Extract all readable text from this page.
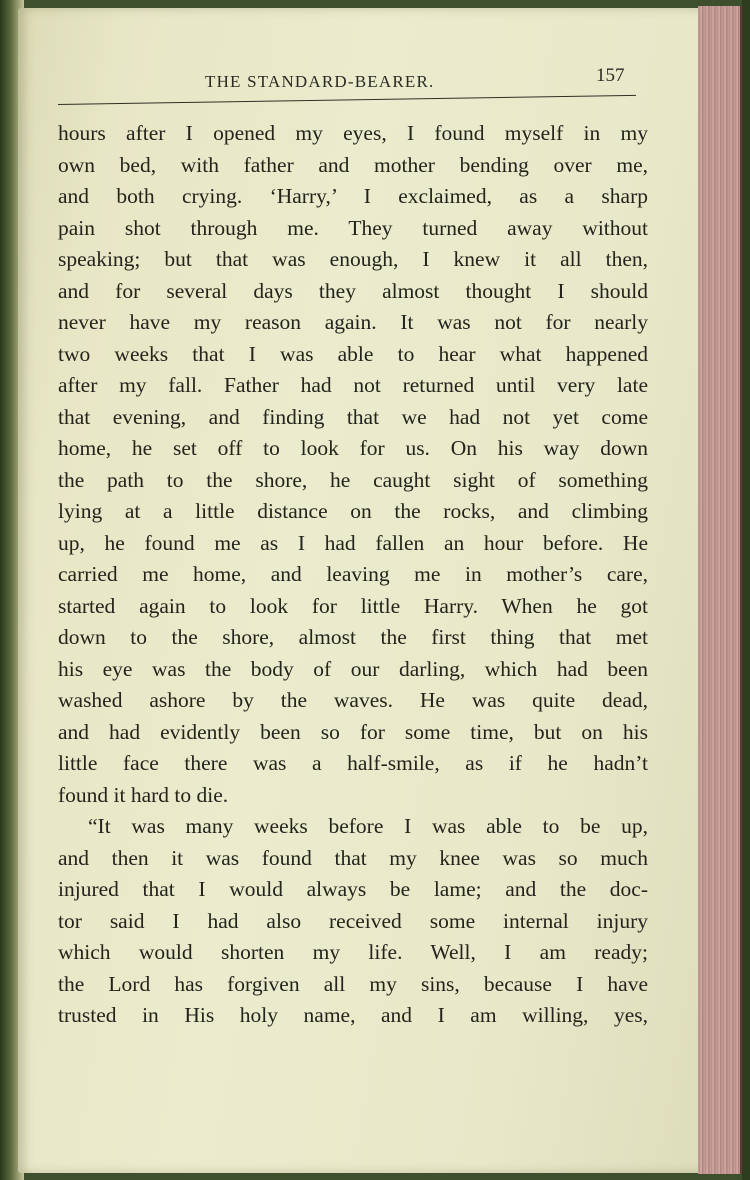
THE STANDARD-BEARER.	157
hours after I opened my eyes, I found myself in my
own bed, with father and mother bending over me,
and both crying. ‘Harry,’ I exclaimed, as a sharp
pain shot through me. They turned away without
speaking; but that was enough, I knew it all then,
and for several days they almost thought I should
never have my reason again. It was not for nearly
two weeks that I was able to hear what happened
after my fall. Father had not returned until very late
that evening, and finding that we had not yet come
home, he set off to look for us. On his way down
the path to the shore, he caught sight of something
lying at a little distance on the rocks, and climbing
up, he found me as I had fallen an hour before. He
carried me home, and leaving me in mother’s care,
started again to look for little Harry. When he got
down to the shore, almost the first thing that met
his eye was the body of our darling, which had been
washed ashore by the waves. He was quite dead,
and had evidently been so for some time, but on his
little face there was a half-smile, as if he hadn’t
found it hard to die.
“It was many weeks before I was able to be up,
and then it was found that my knee was so much
injured that I would always be lame; and the doc-
tor said I had also received some internal injury
which would shorten my life. Well, I am ready;
the Lord has forgiven all my sins, because I have
trusted in His holy name, and I am willing, yes,
